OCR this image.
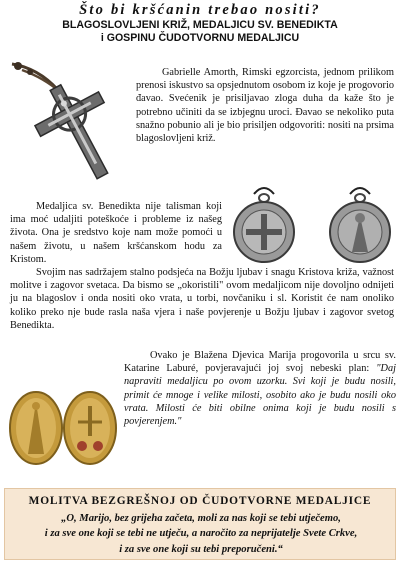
Što bi kršćanin trebao nositi?
BLAGOSLOVLJENI KRIŽ, MEDALJICU SV. BENEDIKTA
i GOSPINU ČUDOTVORNU MEDALJICU
Gabrielle Amorth, Rimski egzorcista, jednom prilikom prenosi iskustvo sa opsjednutom osobom iz koje je progovorio đavao. Svećenik je prisiljavao zloga duha da kaže što je potrebno učiniti da se izbjegnu uroci. Đavao se nekoliko puta snažno pobunio ali je bio prisiljen odgovoriti: nositi na prsima blagoslovljeni križ.
Medaljica sv. Benedikta nije talisman koji ima moć udaljiti poteškoće i probleme iz našeg života. Ona je sredstvo koje nam može pomoći u našem životu, u našem kršćanskom hodu za Kristom.
Svojim nas sadržajem stalno podsjeća na Božju ljubav i snagu Kristova križa, važnost molitve i zagovor svetaca. Da bismo se „okoristili" ovom medaljicom nije dovoljno odnijeti ju na blagoslov i onda nositi oko vrata, u torbi, novčaniku i sl. Koristit će nam onoliko koliko preko nje bude rasla naša vjera i naše povjerenje u Božju ljubav i zagovor svetog Benedikta.
Ovako je Blažena Djevica Marija progovorila u srcu sv. Katarine Laburé, povjeravajući joj svoj nebeski plan: "Daj napraviti medaljicu po ovom uzorku. Svi koji je budu nosili, primit će mnoge i velike milosti, osobito ako je budu nosili oko vrata. Milosti će biti obilne onima koji je budu nosili s povjerenjem."
MOLITVA BEZGREŠNOJ OD ČUDOTVORNE MEDALJICE
„O, Marijo, bez grijeha začeta, moli za nas koji se tebi utječemo,
i za sve one koji se tebi ne utječu, a naročito za neprijatelje Svete Crkve,
i za sve one koji su tebi preporučeni.“
